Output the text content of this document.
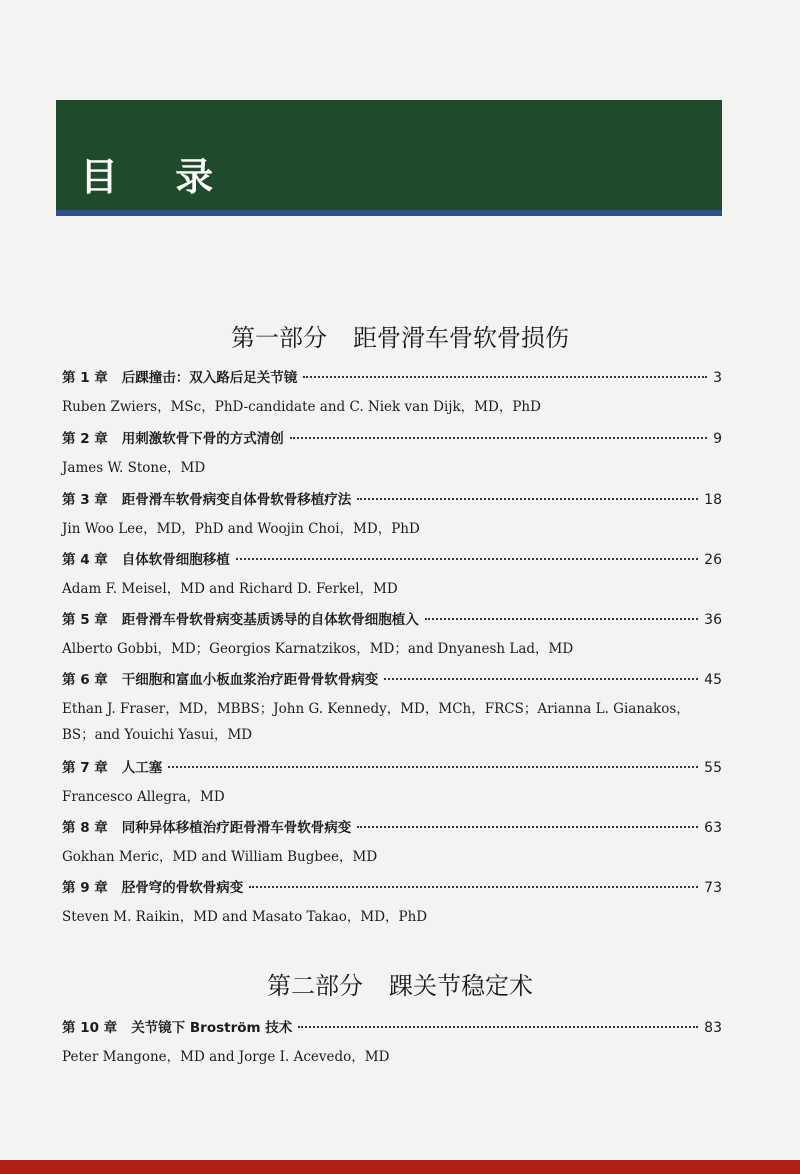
目 录
第一部分 距骨滑车骨软骨损伤
第 1 章 后踝撞击：双入路后足关节镜	3
Ruben Zwiers，MSc，PhD-candidate and C. Niek van Dijk，MD，PhD
第 2 章 用刺激软骨下骨的方式清创	9
James W. Stone，MD
第 3 章 距骨滑车软骨病变自体骨软骨移植疗法	18
Jin Woo Lee，MD，PhD and Woojin Choi，MD，PhD
第 4 章 自体软骨细胞移植	26
Adam F. Meisel，MD and Richard D. Ferkel，MD
第 5 章 距骨滑车骨软骨病变基质诱导的自体软骨细胞植入	36
Alberto Gobbi，MD；Georgios Karnatzikos，MD；and Dnyanesh Lad，MD
第 6 章 干细胞和富血小板血浆治疗距骨骨软骨病变	45
Ethan J. Fraser，MD，MBBS；John G. Kennedy，MD，MCh，FRCS；Arianna L. Gianakos，
BS；and Youichi Yasui，MD
第 7 章 人工塞	55
Francesco Allegra，MD
第 8 章 同种异体移植治疗距骨滑车骨软骨病变	63
Gokhan Meric，MD and William Bugbee，MD
第 9 章 胫骨穹的骨软骨病变	73
Steven M. Raikin，MD and Masato Takao，MD，PhD
第二部分 踝关节稳定术
第 10 章 关节镜下 Broström 技术	83
Peter Mangone，MD and Jorge I. Acevedo，MD
